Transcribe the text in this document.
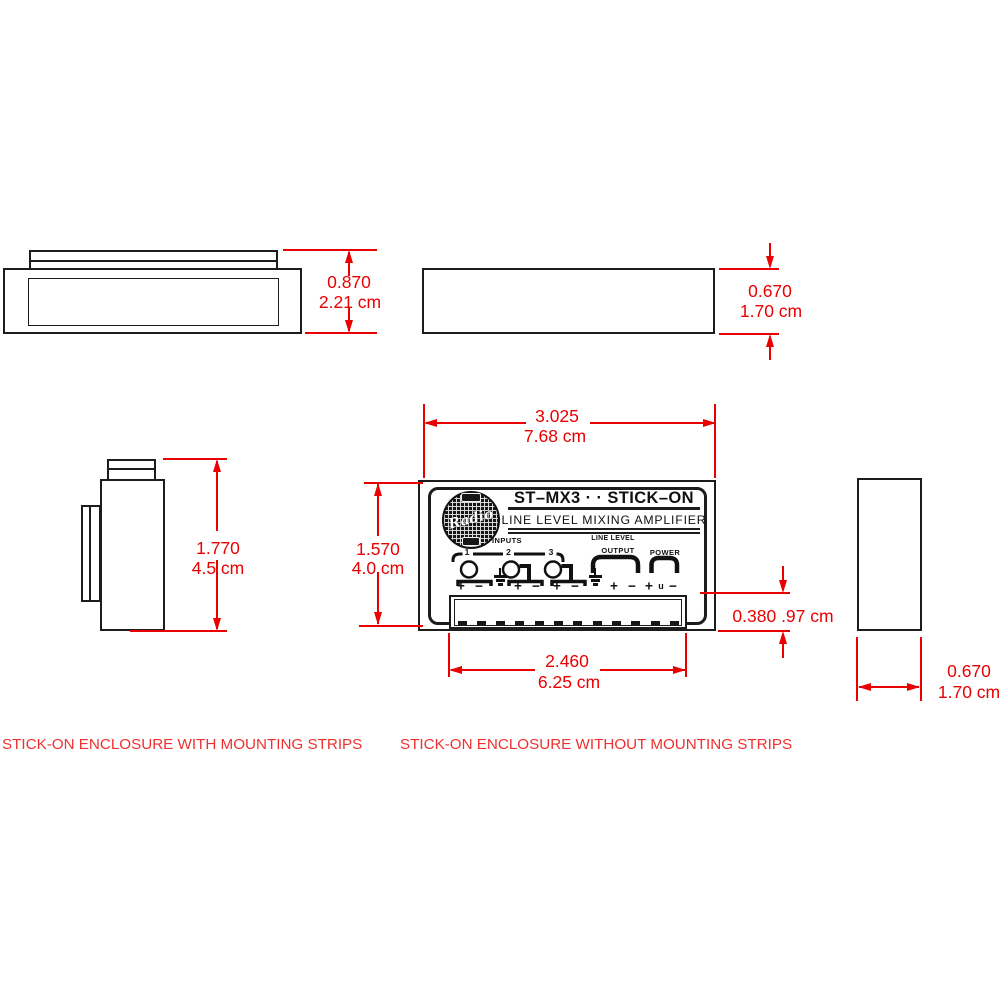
0.870
2.21 cm
0.670
1.70 cm
1.770
4.5 cm
0.670
1.70 cm
3.025
7.68 cm
Radio
ST–MX3 · · STICK–ON
LINE LEVEL MIXING AMPLIFIER
INPUTS	LINE LEVEL
OUTPUT POWER
1	2	3
+ − + − + − + − + u −
1.570
4.0 cm
0.380 .97 cm
2.460
6.25 cm
STICK-ON ENCLOSURE WITH MOUNTING STRIPS STICK-ON ENCLOSURE WITHOUT MOUNTING STRIPS
